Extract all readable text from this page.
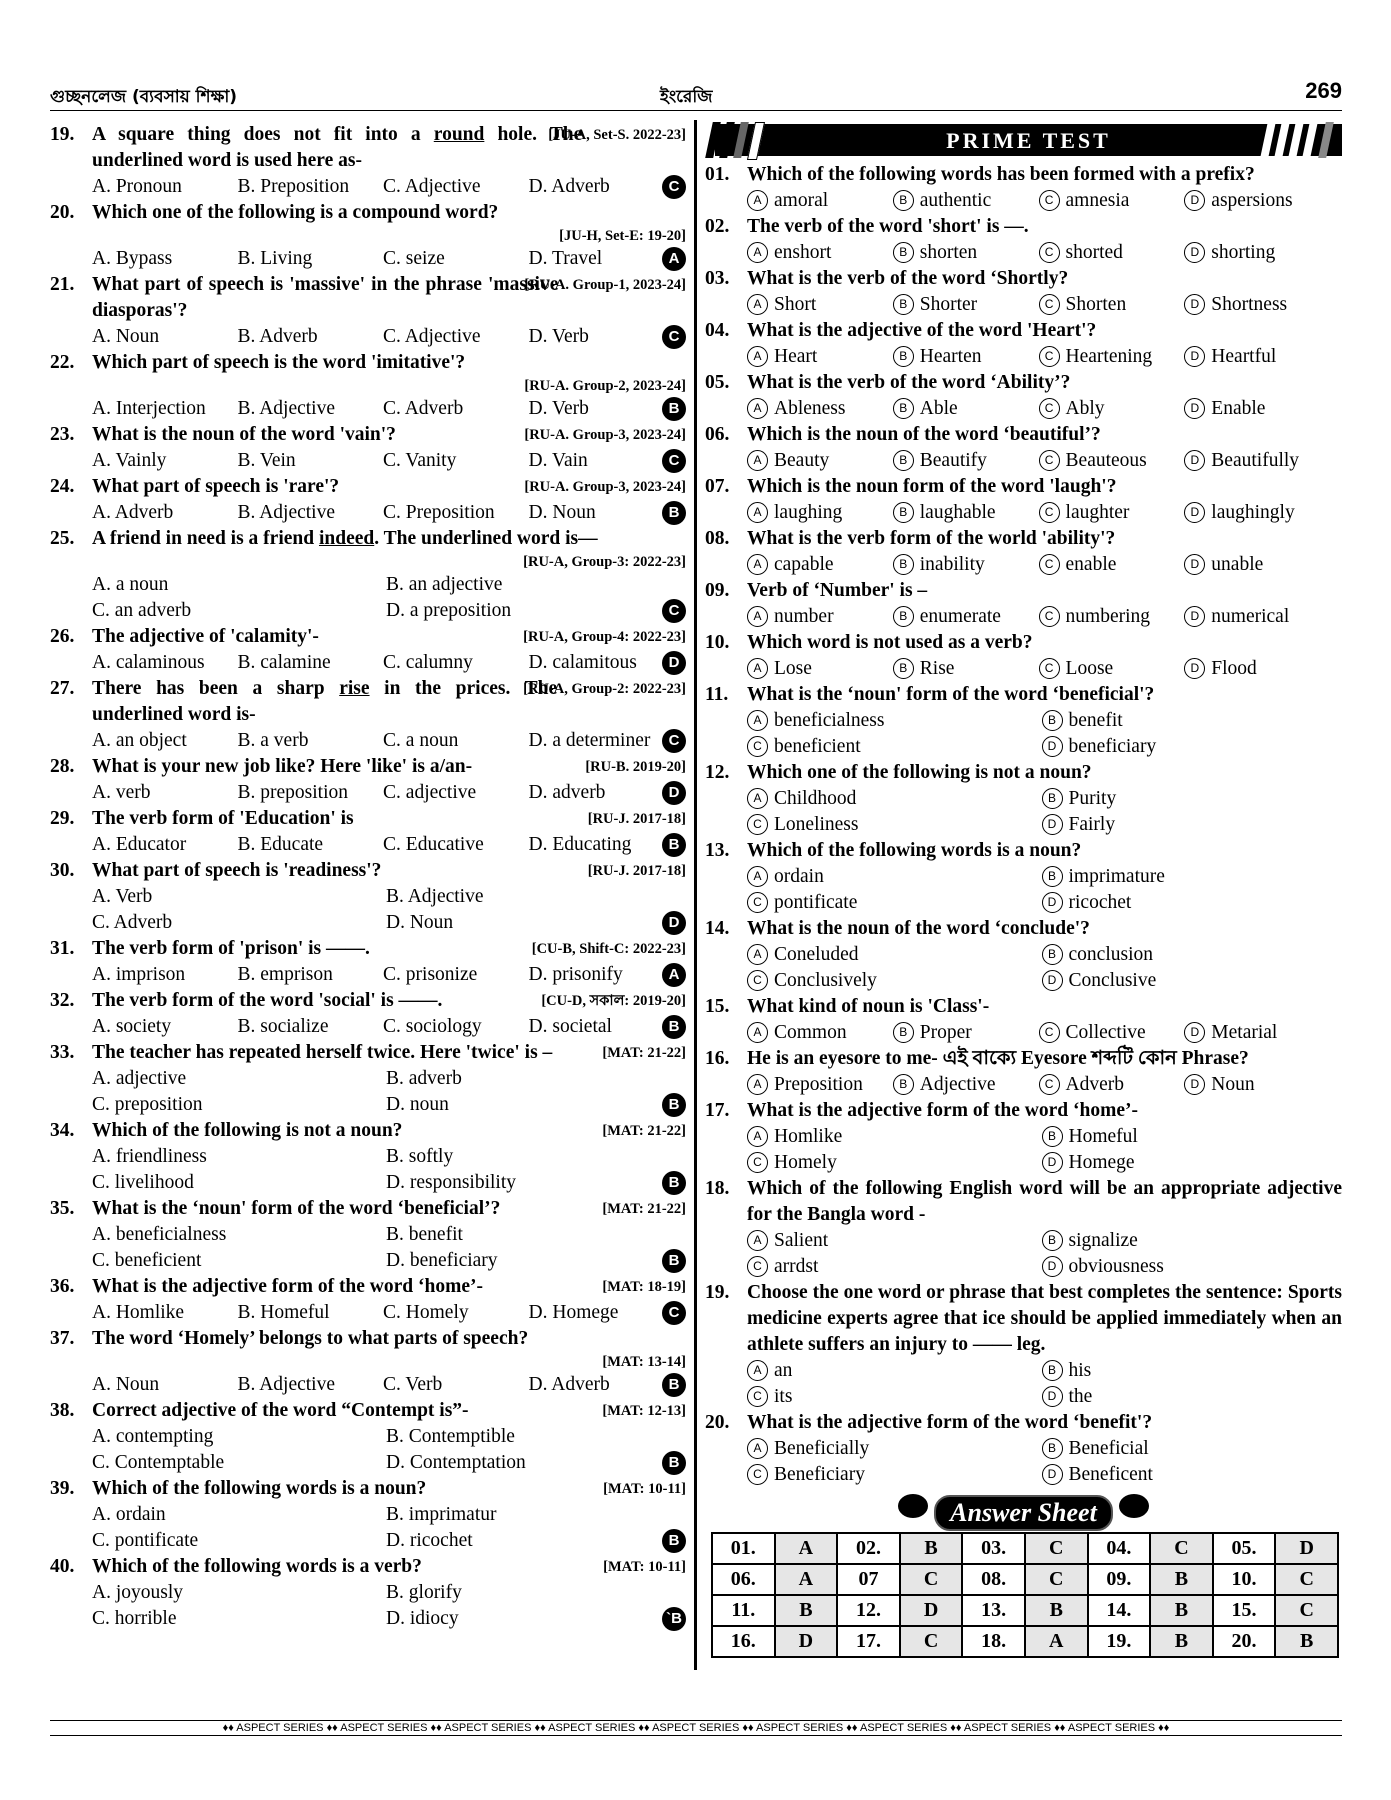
গুচ্ছনলেজ (ব্যবসায় শিক্ষা)	ইংরেজি	269
[JU-A, Set-S. 2022-23]
19. A square thing does not fit into a round hole. The underlined word is used here as-
A. Pronoun	B. Preposition C. Adjective D. Adverb	C
20. Which one of the following is a compound word?
[JU-H, Set-E: 19-20]
A. Bypass	B. Living	C. seize	D. Travel	A
[RU-A. Group-1, 2023-24]
21. What part of speech is 'massive' in the phrase 'massive diasporas'?
A. Noun	B. Adverb	C. Adjective D. Verb	C
22. Which part of speech is the word 'imitative'?
[RU-A. Group-2, 2023-24]
A. Interjection B. Adjective C. Adverb	D. Verb	B
[RU-A. Group-3, 2023-24]
23. What is the noun of the word 'vain'?
A. Vainly	B. Vein	C. Vanity	D. Vain	C
[RU-A. Group-3, 2023-24]
24. What part of speech is 'rare'?
A. Adverb	B. Adjective C. Preposition D. Noun	B
25. A friend in need is a friend indeed. The underlined word is—
[RU-A, Group-3: 2022-23]
A. a noun	B. an adjectiveC. an adverb	D. a preposition	C
[RU-A, Group-4: 2022-23]
26. The adjective of 'calamity'-
A. calaminous B. calamine	C. calumny	D. calamitous	D
[RU-A, Group-2: 2022-23]
27. There has been a sharp rise in the prices. The underlined word is-
A. an object	B. a verb	C. a noun	D. a determiner	C
[RU-B. 2019-20]
28. What is your new job like? Here 'like' is a/an-
A. verb	B. preposition C. adjective	D. adverb	D
[RU-J. 2017-18]
29. The verb form of 'Education' is
A. Educator	B. Educate	C. Educative D. Educating	B
[RU-J. 2017-18]
30. What part of speech is 'readiness'?
A. Verb	B. AdjectiveC. Adverb	D. Noun	D
[CU-B, Shift-C: 2022-23]
31. The verb form of 'prison' is ——.
A. imprison	B. emprison	C. prisonize	D. prisonify	A
[CU-D, সকাল: 2019-20]
32. The verb form of the word 'social' is ——.
A. society	B. socialize	C. sociology D. societal	B
[MAT: 21-22]
33. The teacher has repeated herself twice. Here 'twice' is –
A. adjective	B. adverbC. preposition	D. noun	B
[MAT: 21-22]
34. Which of the following is not a noun?
A. friendliness	B. softlyC. livelihood	D. responsibility	B
[MAT: 21-22]
35. What is the ‘noun' form of the word ‘beneficial’?
A. beneficialness	B. benefitC. beneficient	D. beneficiary	B
[MAT: 18-19]
36. What is the adjective form of the word ‘home’-
A. Homlike	B. Homeful	C. Homely	D. Homege	C
37. The word ‘Homely’ belongs to what parts of speech?
[MAT: 13-14]
A. Noun	B. Adjective C. Verb	D. Adverb	B
[MAT: 12-13]
38. Correct adjective of the word “Contempt is”-
A. contempting	B. ContemptibleC. Contemptable	D. Contemptation	B
[MAT: 10-11]
39. Which of the following words is a noun?
A. ordain	B. imprimaturC. pontificate	D. ricochet	B
[MAT: 10-11]
40. Which of the following words is a verb?
A. joyously	B. glorifyC. horrible	D. idiocy	`B
PRIME TEST
01. Which of the following words has been formed with a prefix?
A amoral	B authentic	C amnesia	D aspersions
02. The verb of the word 'short' is —.
A enshort	B shorten	C shorted	D shorting
03. What is the verb of the word ‘Shortly?
A Short	B Shorter	C Shorten	D Shortness
04. What is the adjective of the word 'Heart'?
A Heart	B Hearten	C Heartening	D Heartful
05. What is the verb of the word ‘Ability’?
A Ableness	B Able	C Ably	D Enable
06. Which is the noun of the word ‘beautiful’?
A Beauty	B Beautify	C Beauteous	D Beautifully
07. Which is the noun form of the word 'laugh'?
A laughing	B laughable	C laughter	D laughingly
08. What is the verb form of the world 'ability'?
A capable	B inability	C enable	D unable
09. Verb of ‘Number' is –
A number	B enumerate	C numbering	D numerical
10. Which word is not used as a verb?
A Lose	B Rise	C Loose	D Flood
11. What is the ‘noun' form of the word ‘beneficial'?
A beneficialness	B benefitC beneficient	D beneficiary
12. Which one of the following is not a noun?
A Childhood	B PurityC Loneliness	D Fairly
13. Which of the following words is a noun?
A ordain	B imprimatureC pontificate	D ricochet
14. What is the noun of the word ‘conclude'?
A Coneluded	B conclusionC Conclusively	D Conclusive
15. What kind of noun is 'Class'-
A Common	B Proper	C Collective	D Metarial
16. He is an eyesore to me- এই বাক্যে Eyesore শব্দটি কোন Phrase?
A Preposition	B Adjective	C Adverb	D Noun
17. What is the adjective form of the word ‘home’-
A Homlike	B HomefulC Homely	D Homege
18. Which of the following English word will be an appropriate adjective for the Bangla word -
A Salient	B signalizeC arrdst	D obviousness
19. Choose the one word or phrase that best completes the sentence: Sports medicine experts agree that ice should be applied immediately when an athlete suffers an injury to —— leg.
A an	B hisC its	D the
20. What is the adjective form of the word ‘benefit'?
A Beneficially	B BeneficialC Beneficiary	D Beneficent
Answer Sheet
01.	A	02.	B	03.	C	04.	C	05.	D
06.	A	07	C	08.	C	09.	B	10.	C
11.	B	12.	D	13.	B	14.	B	15.	C
16.	D	17.	C	18.	A	19.	B	20.	B
♦♦ ASPECT SERIES ♦♦ ASPECT SERIES ♦♦ ASPECT SERIES ♦♦ ASPECT SERIES ♦♦ ASPECT SERIES ♦♦ ASPECT SERIES ♦♦ ASPECT SERIES ♦♦ ASPECT SERIES ♦♦ ASPECT SERIES ♦♦
